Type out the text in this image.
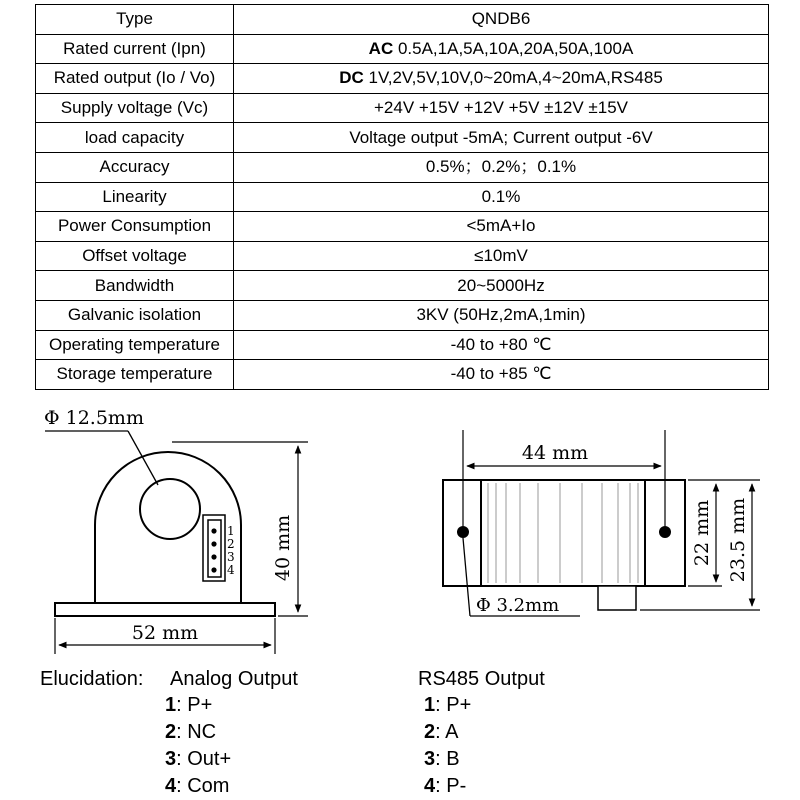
Type	QNDB6
Rated current (Ipn)	AC 0.5A,1A,5A,10A,20A,50A,100A
Rated output (Io / Vo)	DC 1V,2V,5V,10V,0~20mA,4~20mA,RS485
Supply voltage (Vc)	+24V +15V +12V +5V ±12V ±15V
load capacity	Voltage output -5mA; Current output -6V
Accuracy	0.5%；0.2%；0.1%
Linearity	0.1%
Power Consumption	<5mA+Io
Offset voltage	≤10mV
Bandwidth	20~5000Hz
Galvanic isolation	3KV (50Hz,2mA,1min)
Operating temperature	-40 to +80 ℃
Storage temperature	-40 to +85 ℃
1
2
3
4
Φ 12.5mm
40 mm
52 mm
44 mm
22 mm 23.5 mm
Φ 3.2mm
Elucidation: Analog Output	RS485 Output
1: P+
2: NC
3: Out+
4: Com
1: P+
2: A
3: B
4: P-
